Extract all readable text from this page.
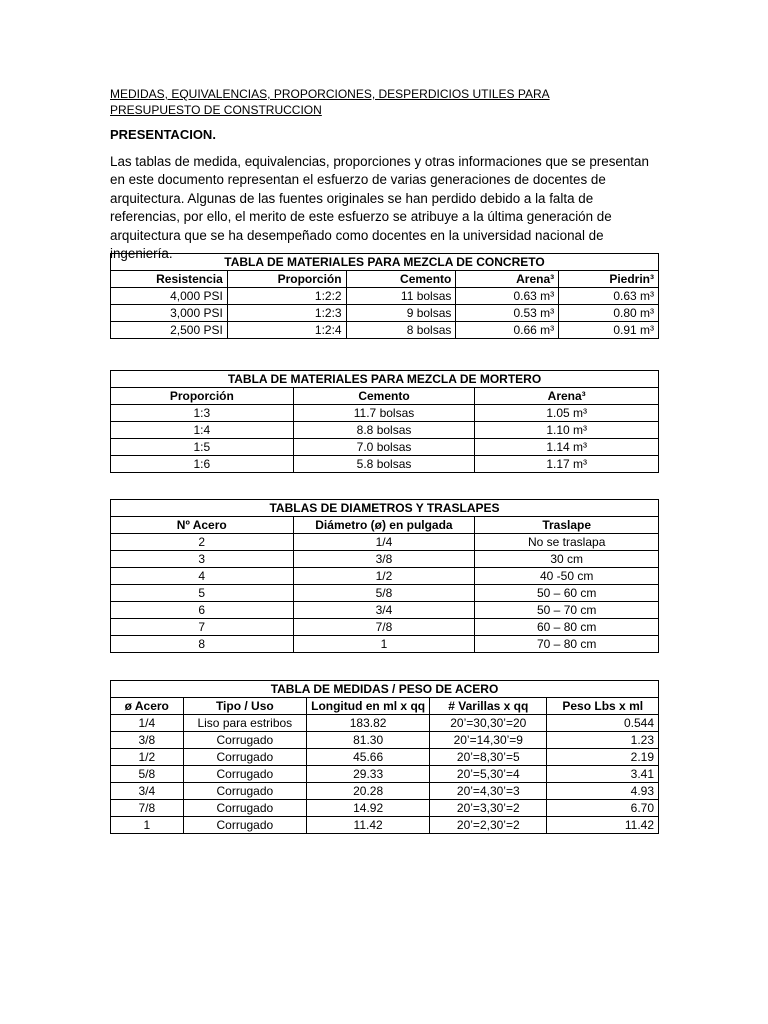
MEDIDAS, EQUIVALENCIAS, PROPORCIONES, DESPERDICIOS UTILES PARA PRESUPUESTO DE CONSTRUCCION
PRESENTACION.
Las tablas de medida, equivalencias, proporciones y otras informaciones que se presentan en este documento representan el esfuerzo de varias generaciones de docentes de arquitectura. Algunas de las fuentes originales se han perdido debido a la falta de referencias, por ello, el merito de este esfuerzo se atribuye a la última generación de arquitectura que se ha desempeñado como docentes en la universidad nacional de ingeniería.
TABLA DE MATERIALES PARA MEZCLA DE CONCRETO				
Resistencia	Proporción	Cemento	Arena³	Piedrin³
4,000 PSI	1:2:2	11 bolsas	0.63 m³	0.63 m³
3,000 PSI	1:2:3	9 bolsas	0.53 m³	0.80 m³
2,500 PSI	1:2:4	8 bolsas	0.66 m³	0.91 m³
TABLA DE MATERIALES PARA MEZCLA DE MORTERO		
Proporción	Cemento	Arena³
1:3	11.7 bolsas	1.05 m³
1:4	8.8 bolsas	1.10 m³
1:5	7.0 bolsas	1.14 m³
1:6	5.8 bolsas	1.17 m³
TABLAS DE DIAMETROS Y TRASLAPES		
Nº Acero	Diámetro (ø) en pulgada	Traslape
2	1/4	No se traslapa
3	3/8	30 cm
4	1/2	40 -50 cm
5	5/8	50 – 60 cm
6	3/4	50 – 70 cm
7	7/8	60 – 80 cm
8	1	70 – 80 cm
TABLA DE MEDIDAS / PESO DE ACERO				
ø Acero	Tipo / Uso	Longitud en ml x qq	# Varillas x qq	Peso Lbs x ml
1/4	Liso para estribos	183.82	20’=30,30’=20	0.544
3/8	Corrugado	81.30	20’=14,30’=9	1.23
1/2	Corrugado	45.66	20’=8,30’=5	2.19
5/8	Corrugado	29.33	20’=5,30’=4	3.41
3/4	Corrugado	20.28	20’=4,30’=3	4.93
7/8	Corrugado	14.92	20’=3,30’=2	6.70
1	Corrugado	11.42	20’=2,30’=2	11.42
